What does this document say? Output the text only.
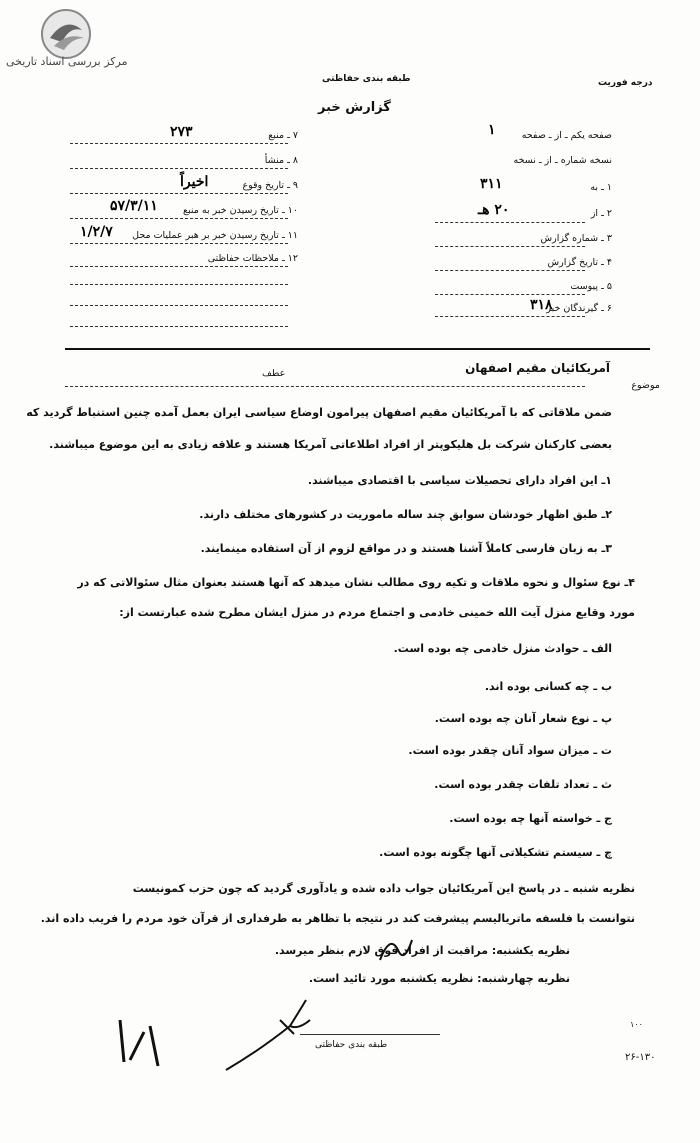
مرکز بررسی اسناد تاریخی
طبقه بندی حفاظتی
گزارش خبر
درجه فوریت
۷ ـ منبع
۸ ـ منشأ
۹ ـ تاریخ وقوع
۱۰ ـ تاریخ رسیدن خبر به منبع
۱۱ ـ تاریخ رسیدن خبر بر هبر عملیات محل
۱۲ ـ ملاحظات حفاظتی
۲۷۳
اخیراً
۵۷/۳/۱۱
۱/۲/۷
صفحه یکم ـ از ـ صفحه
نسخه شماره ـ از ـ نسخه
۱ ـ به
۲ ـ از
۳ ـ شماره گزارش
۴ ـ تاریخ گزارش
۵ ـ پیوست
۶ ـ گیرندگان خبر
۱
۳۱۱
۲۰ هـ
۳۱۸
آمریکائیان مقیم اصفهان
موضوع
عطف
ضمن ملاقاتی که با آمریکائیان مقیم اصفهان پیرامون اوضاع سیاسی ایران بعمل آمده چنین استنباط گردید که
بعضی کارکنان شرکت بل هلیکوپتر از افراد اطلاعاتی آمریکا هستند و علاقه زیادی به این موضوع میباشند.
۱ـ این افراد دارای تحصیلات سیاسی با اقتصادی میباشند.
۲ـ طبق اظهار خودشان سوابق چند ساله ماموریت در کشورهای مختلف دارند.
۳ـ به زبان فارسی کاملاً آشنا هستند و در مواقع لزوم از آن استفاده مینمایند.
۴ـ نوع سئوال و نحوه ملاقات و تکیه روی مطالب نشان میدهد که آنها هستند بعنوان مثال سئوالاتی که در
مورد وقایع منزل آیت الله خمینی خادمی و اجتماع مردم در منزل ایشان مطرح شده عبارتست از:
الف ـ حوادث منزل خادمی چه بوده است.
ب ـ چه کسانی بوده اند.
پ ـ نوع شعار آنان چه بوده است.
ت ـ میزان سواد آنان چقدر بوده است.
ث ـ تعداد تلفات چقدر بوده است.
ج ـ خواسته آنها چه بوده است.
چ ـ سیستم تشکیلاتی آنها چگونه بوده است.
نظریه شنبه ـ در پاسخ این آمریکائیان جواب داده شده و یادآوری گردید که چون حزب کمونیست
نتوانست با فلسفه ماتریالیسم پیشرفت کند در نتیجه با تظاهر به طرفداری از قرآن خود مردم را فریب داده اند.
نظریه یکشنبه: مراقبت از افراد فوق لازم بنظر میرسد.
نظریه چهارشنبه: نظریه یکشنبه مورد تائید است.
طبقه بندی حفاظتی
۲۶-۱۳۰
۱۰۰
